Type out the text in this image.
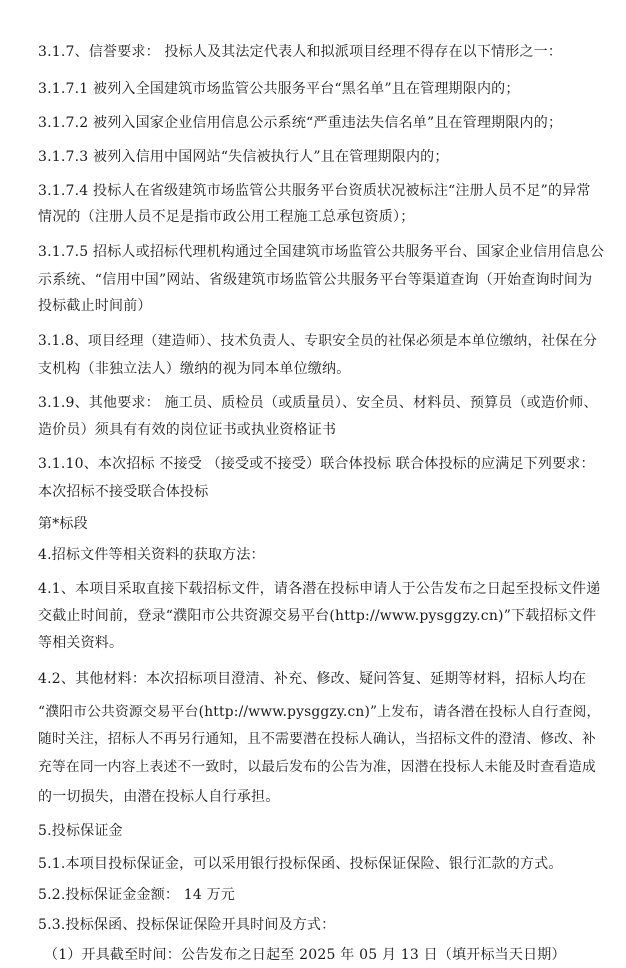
3.1.7、信誉要求： 投标人及其法定代表人和拟派项目经理不得存在以下情形之一：
3.1.7.1 被列入全国建筑市场监管公共服务平台“黑名单”且在管理期限内的；
3.1.7.2 被列入国家企业信用信息公示系统“严重违法失信名单”且在管理期限内的；
3.1.7.3 被列入信用中国网站“失信被执行人”且在管理期限内的；
3.1.7.4 投标人在省级建筑市场监管公共服务平台资质状况被标注“注册人员不足”的异常
情况的（注册人员不足是指市政公用工程施工总承包资质）；
3.1.7.5 招标人或招标代理机构通过全国建筑市场监管公共服务平台、国家企业信用信息公
示系统、“信用中国”网站、省级建筑市场监管公共服务平台等渠道查询（开始查询时间为
投标截止时间前）
3.1.8、项目经理（建造师）、技术负责人、专职安全员的社保必须是本单位缴纳，社保在分
支机构（非独立法人）缴纳的视为同本单位缴纳。
3.1.9、其他要求： 施工员、质检员（或质量员）、安全员、材料员、预算员（或造价师、
造价员）须具有有效的岗位证书或执业资格证书
3.1.10、本次招标 不接受 （接受或不接受）联合体投标 联合体投标的应满足下列要求：
本次招标不接受联合体投标
第*标段
4.招标文件等相关资料的获取方法：
4.1、本项目采取直接下载招标文件，请各潜在投标申请人于公告发布之日起至投标文件递
交截止时间前，登录“濮阳市公共资源交易平台(http://www.pysggzy.cn)”下载招标文件
等相关资料。
4.2、其他材料：本次招标项目澄清、补充、修改、疑问答复、延期等材料，招标人均在
“濮阳市公共资源交易平台(http://www.pysggzy.cn)”上发布，请各潜在投标人自行查阅，
随时关注，招标人不再另行通知，且不需要潜在投标人确认，当招标文件的澄清、修改、补
充等在同一内容上表述不一致时，以最后发布的公告为准，因潜在投标人未能及时查看造成
的一切损失，由潜在投标人自行承担。
5.投标保证金
5.1.本项目投标保证金，可以采用银行投标保函、投标保证保险、银行汇款的方式。
5.2.投标保证金金额： 14 万元
5.3.投标保函、投标保证保险开具时间及方式：
（1）开具截至时间：公告发布之日起至 2025 年 05 月 13 日（填开标当天日期）
